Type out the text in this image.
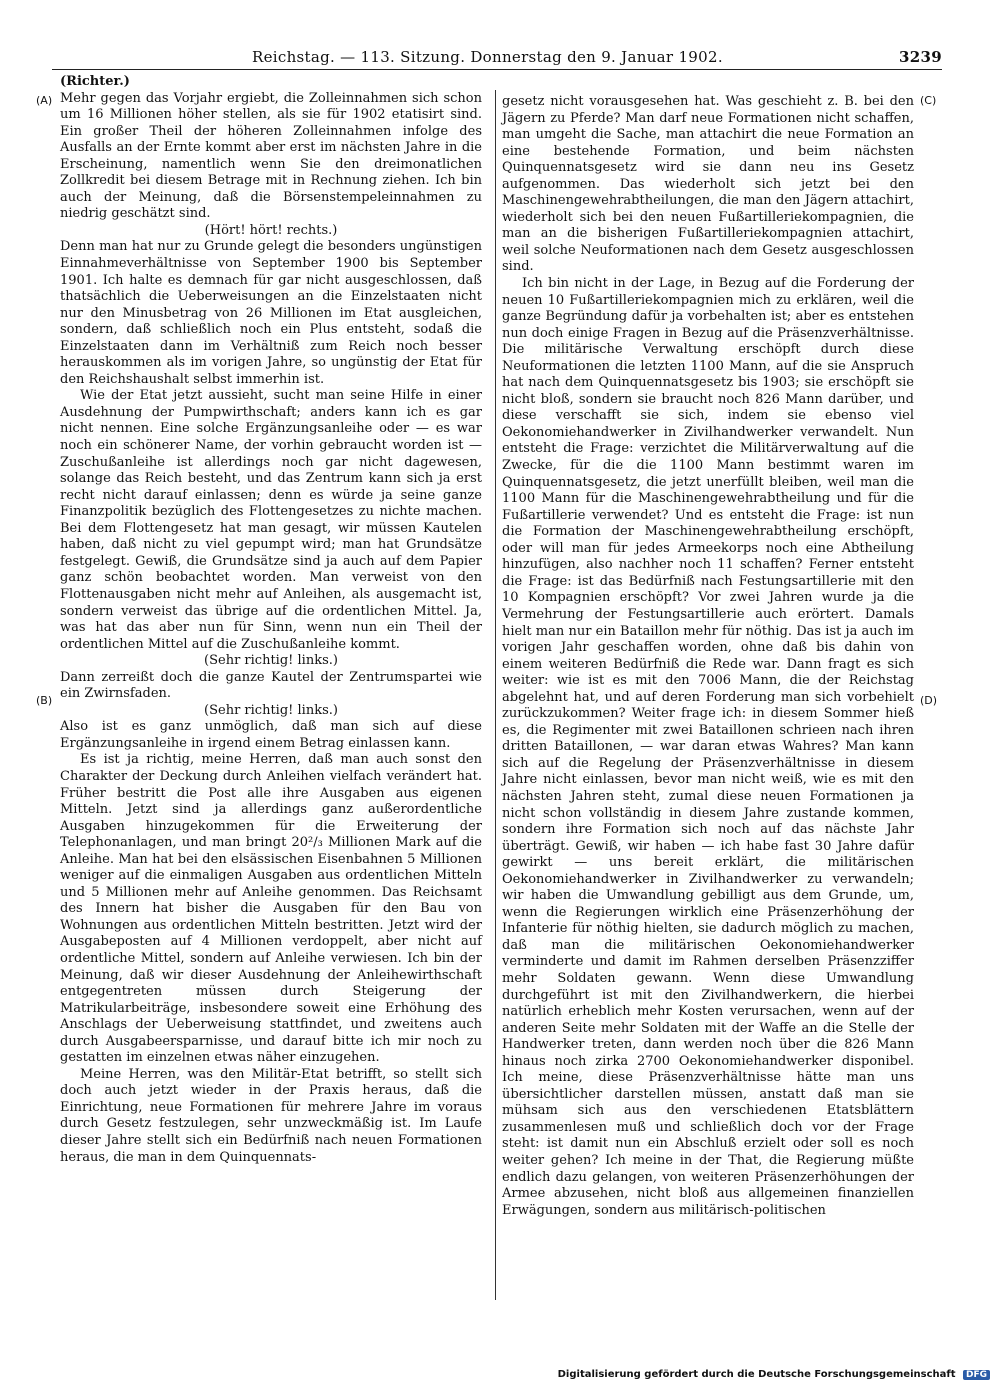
Reichstag. — 113. Sitzung. Donnerstag den 9. Januar 1902.	3239
(A)
(B)
(C)
(D)

(Richter.)

Mehr gegen das Vorjahr ergiebt, die Zolleinnahmen sich schon um 16 Millionen höher stellen, als sie für 1902 etatisirt sind. Ein großer Theil der höheren Zolleinnahmen infolge des Ausfalls an der Ernte kommt aber erst im nächsten Jahre in die Erscheinung, namentlich wenn Sie den dreimonatlichen Zollkredit bei diesem Betrage mit in Rechnung ziehen. Ich bin auch der Meinung, daß die Börsenstempeleinnahmen zu niedrig geschätzt sind.

(Hört! hört! rechts.)

Denn man hat nur zu Grunde gelegt die besonders ungünstigen Einnahmeverhältnisse von September 1900 bis September 1901. Ich halte es demnach für gar nicht ausgeschlossen, daß thatsächlich die Ueberweisungen an die Einzelstaaten nicht nur den Minusbetrag von 26 Millionen im Etat ausgleichen, sondern, daß schließlich noch ein Plus entsteht, sodaß die Einzelstaaten dann im Verhältniß zum Reich noch besser herauskommen als im vorigen Jahre, so ungünstig der Etat für den Reichshaushalt selbst immerhin ist.

Wie der Etat jetzt aussieht, sucht man seine Hilfe in einer Ausdehnung der Pumpwirthschaft; anders kann ich es gar nicht nennen. Eine solche Ergänzungsanleihe oder — es war noch ein schönerer Name, der vorhin gebraucht worden ist — Zuschußanleihe ist allerdings noch gar nicht dagewesen, solange das Reich besteht, und das Zentrum kann sich ja erst recht nicht darauf einlassen; denn es würde ja seine ganze Finanzpolitik bezüglich des Flottengesetzes zu nichte machen. Bei dem Flottengesetz hat man gesagt, wir müssen Kautelen haben, daß nicht zu viel gepumpt wird; man hat Grundsätze festgelegt. Gewiß, die Grundsätze sind ja auch auf dem Papier ganz schön beobachtet worden. Man verweist von den Flottenausgaben nicht mehr auf Anleihen, als ausgemacht ist, sondern verweist das übrige auf die ordentlichen Mittel. Ja, was hat das aber nun für Sinn, wenn nun ein Theil der ordentlichen Mittel auf die Zuschußanleihe kommt.

(Sehr richtig! links.)

Dann zerreißt doch die ganze Kautel der Zentrumspartei wie ein Zwirnsfaden.

(Sehr richtig! links.)

Also ist es ganz unmöglich, daß man sich auf diese Ergänzungsanleihe in irgend einem Betrag einlassen kann.

Es ist ja richtig, meine Herren, daß man auch sonst den Charakter der Deckung durch Anleihen vielfach verändert hat. Früher bestritt die Post alle ihre Ausgaben aus eigenen Mitteln. Jetzt sind ja allerdings ganz außerordentliche Ausgaben hinzugekommen für die Erweiterung der Telephonanlagen, und man bringt 20²/₃ Millionen Mark auf die Anleihe. Man hat bei den elsässischen Eisenbahnen 5 Millionen weniger auf die einmaligen Ausgaben aus ordentlichen Mitteln und 5 Millionen mehr auf Anleihe genommen. Das Reichsamt des Innern hat bisher die Ausgaben für den Bau von Wohnungen aus ordentlichen Mitteln bestritten. Jetzt wird der Ausgabeposten auf 4 Millionen verdoppelt, aber nicht auf ordentliche Mittel, sondern auf Anleihe verwiesen. Ich bin der Meinung, daß wir dieser Ausdehnung der Anleihewirthschaft entgegentreten müssen durch Steigerung der Matrikularbeiträge, insbesondere soweit eine Erhöhung des Anschlags der Ueberweisung stattfindet, und zweitens auch durch Ausgabeersparnisse, und darauf bitte ich mir noch zu gestatten im einzelnen etwas näher einzugehen.

Meine Herren, was den Militär-Etat betrifft, so stellt sich doch auch jetzt wieder in der Praxis heraus, daß die Einrichtung, neue Formationen für mehrere Jahre im voraus durch Gesetz festzulegen, sehr unzweckmäßig ist. Im Laufe dieser Jahre stellt sich ein Bedürfniß nach neuen Formationen heraus, die man in dem Quinquennats-

gesetz nicht vorausgesehen hat. Was geschieht z. B. bei den Jägern zu Pferde? Man darf neue Formationen nicht schaffen, man umgeht die Sache, man attachirt die neue Formation an eine bestehende Formation, und beim nächsten Quinquennatsgesetz wird sie dann neu ins Gesetz aufgenommen. Das wiederholt sich jetzt bei den Maschinengewehrabtheilungen, die man den Jägern attachirt, wiederholt sich bei den neuen Fußartilleriekompagnien, die man an die bisherigen Fußartilleriekompagnien attachirt, weil solche Neuformationen nach dem Gesetz ausgeschlossen sind.

Ich bin nicht in der Lage, in Bezug auf die Forderung der neuen 10 Fußartilleriekompagnien mich zu erklären, weil die ganze Begründung dafür ja vorbehalten ist; aber es entstehen nun doch einige Fragen in Bezug auf die Präsenzverhältnisse. Die militärische Verwaltung erschöpft durch diese Neuformationen die letzten 1100 Mann, auf die sie Anspruch hat nach dem Quinquennatsgesetz bis 1903; sie erschöpft sie nicht bloß, sondern sie braucht noch 826 Mann darüber, und diese verschafft sie sich, indem sie ebenso viel Oekonomiehandwerker in Zivilhandwerker verwandelt. Nun entsteht die Frage: verzichtet die Militärverwaltung auf die Zwecke, für die die 1100 Mann bestimmt waren im Quinquennatsgesetz, die jetzt unerfüllt bleiben, weil man die 1100 Mann für die Maschinengewehrabtheilung und für die Fußartillerie verwendet? Und es entsteht die Frage: ist nun die Formation der Maschinengewehrabtheilung erschöpft, oder will man für jedes Armeekorps noch eine Abtheilung hinzufügen, also nachher noch 11 schaffen? Ferner entsteht die Frage: ist das Bedürfniß nach Festungsartillerie mit den 10 Kompagnien erschöpft? Vor zwei Jahren wurde ja die Vermehrung der Festungsartillerie auch erörtert. Damals hielt man nur ein Bataillon mehr für nöthig. Das ist ja auch im vorigen Jahr geschaffen worden, ohne daß bis dahin von einem weiteren Bedürfniß die Rede war. Dann fragt es sich weiter: wie ist es mit den 7006 Mann, die der Reichstag abgelehnt hat, und auf deren Forderung man sich vorbehielt zurückzukommen? Weiter frage ich: in diesem Sommer hieß es, die Regimenter mit zwei Bataillonen schrieen nach ihren dritten Bataillonen, — war daran etwas Wahres? Man kann sich auf die Regelung der Präsenzverhältnisse in diesem Jahre nicht einlassen, bevor man nicht weiß, wie es mit den nächsten Jahren steht, zumal diese neuen Formationen ja nicht schon vollständig in diesem Jahre zustande kommen, sondern ihre Formation sich noch auf das nächste Jahr überträgt. Gewiß, wir haben — ich habe fast 30 Jahre dafür gewirkt — uns bereit erklärt, die militärischen Oekonomiehandwerker in Zivilhandwerker zu verwandeln; wir haben die Umwandlung gebilligt aus dem Grunde, um, wenn die Regierungen wirklich eine Präsenzerhöhung der Infanterie für nöthig hielten, sie dadurch möglich zu machen, daß man die militärischen Oekonomiehandwerker verminderte und damit im Rahmen derselben Präsenzziffer mehr Soldaten gewann. Wenn diese Umwandlung durchgeführt ist mit den Zivilhandwerkern, die hierbei natürlich erheblich mehr Kosten verursachen, wenn auf der anderen Seite mehr Soldaten mit der Waffe an die Stelle der Handwerker treten, dann werden noch über die 826 Mann hinaus noch zirka 2700 Oekonomiehandwerker disponibel. Ich meine, diese Präsenzverhältnisse hätte man uns übersichtlicher darstellen müssen, anstatt daß man sie mühsam sich aus den verschiedenen Etatsblättern zusammenlesen muß und schließlich doch vor der Frage steht: ist damit nun ein Abschluß erzielt oder soll es noch weiter gehen? Ich meine in der That, die Regierung müßte endlich dazu gelangen, von weiteren Präsenzerhöhungen der Armee abzusehen, nicht bloß aus allgemeinen finanziellen Erwägungen, sondern aus militärisch-politischen

Digitalisierung gefördert durch die Deutsche Forschungsgemeinschaft DFG
